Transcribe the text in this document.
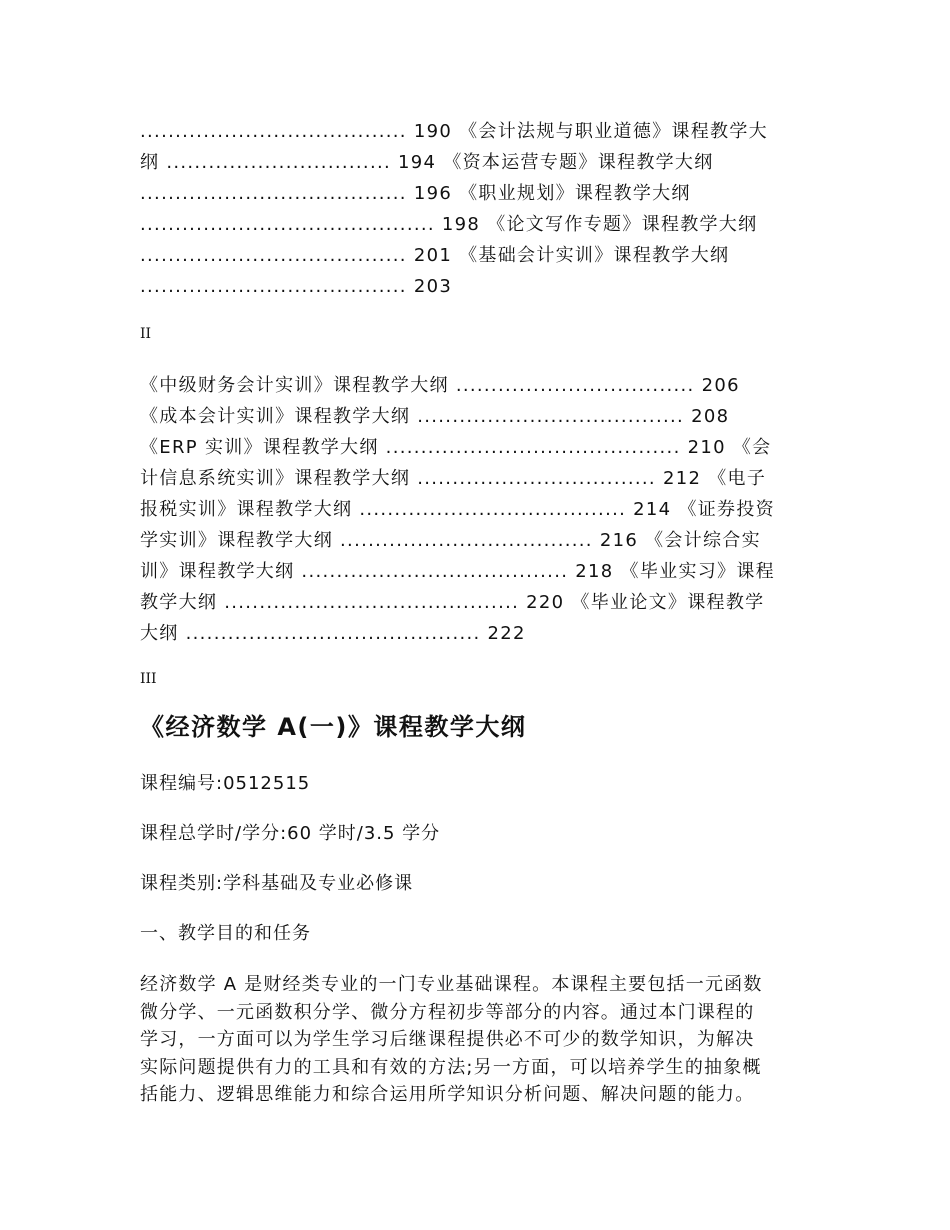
...................................... 190 《会计法规与职业道德》课程教学大

纲 ................................ 194 《资本运营专题》课程教学大纲

...................................... 196 《职业规划》课程教学大纲

.......................................... 198 《论文写作专题》课程教学大纲

...................................... 201 《基础会计实训》课程教学大纲

...................................... 203

II

《中级财务会计实训》课程教学大纲 .................................. 206

《成本会计实训》课程教学大纲 ...................................... 208

《ERP 实训》课程教学大纲 .......................................... 210 《会

计信息系统实训》课程教学大纲 .................................. 212 《电子

报税实训》课程教学大纲 ...................................... 214 《证券投资

学实训》课程教学大纲 .................................... 216 《会计综合实

训》课程教学大纲 ...................................... 218 《毕业实习》课程

教学大纲 .......................................... 220 《毕业论文》课程教学

大纲 .......................................... 222

III

《经济数学 A(一)》课程教学大纲

课程编号:0512515

课程总学时/学分:60 学时/3.5 学分

课程类别:学科基础及专业必修课

一、教学目的和任务

经济数学 A 是财经类专业的一门专业基础课程。本课程主要包括一元函数
微分学、一元函数积分学、微分方程初步等部分的内容。通过本门课程的
学习，一方面可以为学生学习后继课程提供必不可少的数学知识，为解决
实际问题提供有力的工具和有效的方法;另一方面，可以培养学生的抽象概
括能力、逻辑思维能力和综合运用所学知识分析问题、解决问题的能力。
